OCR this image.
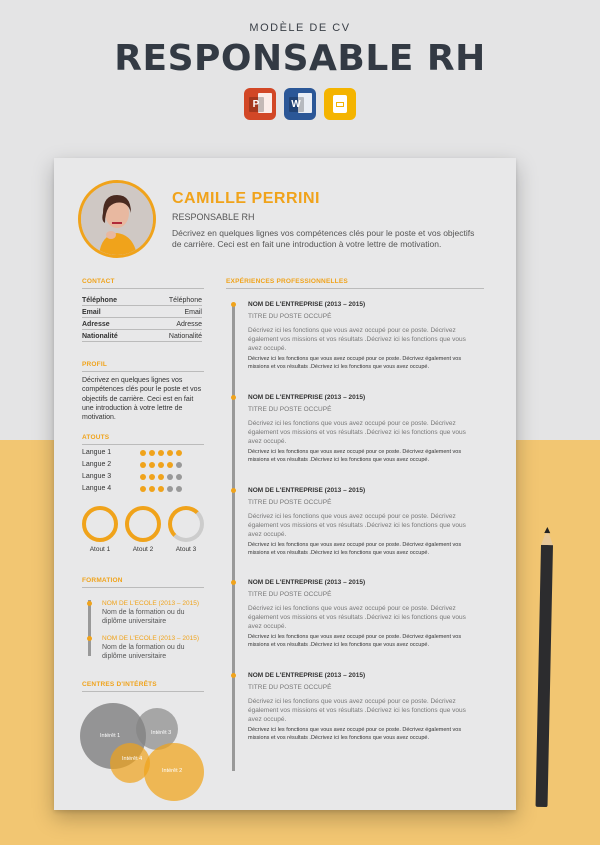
MODÈLE DE CV
RESPONSABLE RH
P	W
CAMILLE PERRINI
RESPONSABLE RH
Décrivez en quelques lignes vos compétences clés pour le poste et vos objectifs de carrière. Ceci est en fait une introduction à votre lettre de motivation.
CONTACT
Téléphone	Téléphone
Email	Email
Adresse	Adresse
Nationalité	Nationalité
PROFIL
Décrivez en quelques lignes vos compétences clés pour le poste et vos objectifs de carrière. Ceci est en fait une introduction à votre lettre de motivation.
ATOUTS
Langue 1
Langue 2
Langue 3
Langue 4
Atout 1	Atout 2	Atout 3
FORMATION
NOM DE L'ECOLE (2013 – 2015)
Nom de la formation ou du diplôme universitaire
NOM DE L'ECOLE (2013 – 2015)
Nom de la formation ou du diplôme universitaire
CENTRES D'INTÉRÊTS
Intérêt 1	Intérêt 3
Intérêt 4
Intérêt 2
EXPÉRIENCES PROFESSIONNELLES
NOM DE L'ENTREPRISE (2013 – 2015)
TITRE DU POSTE OCCUPÉ
Décrivez ici les fonctions que vous avez occupé pour ce poste. Décrivez également vos missions et vos résultats .Décrivez ici les fonctions que vous avez occupé.
Décrivez ici les fonctions que vous avez occupé pour ce poste. Décrivez également vos missions et vos résultats .Décrivez ici les fonctions que vous avez occupé.
NOM DE L'ENTREPRISE (2013 – 2015)
TITRE DU POSTE OCCUPÉ
Décrivez ici les fonctions que vous avez occupé pour ce poste. Décrivez également vos missions et vos résultats .Décrivez ici les fonctions que vous avez occupé.
Décrivez ici les fonctions que vous avez occupé pour ce poste. Décrivez également vos missions et vos résultats .Décrivez ici les fonctions que vous avez occupé.
NOM DE L'ENTREPRISE (2013 – 2015)
TITRE DU POSTE OCCUPÉ
Décrivez ici les fonctions que vous avez occupé pour ce poste. Décrivez également vos missions et vos résultats .Décrivez ici les fonctions que vous avez occupé.
Décrivez ici les fonctions que vous avez occupé pour ce poste. Décrivez également vos missions et vos résultats .Décrivez ici les fonctions que vous avez occupé.
NOM DE L'ENTREPRISE (2013 – 2015)
TITRE DU POSTE OCCUPÉ
Décrivez ici les fonctions que vous avez occupé pour ce poste. Décrivez également vos missions et vos résultats .Décrivez ici les fonctions que vous avez occupé.
Décrivez ici les fonctions que vous avez occupé pour ce poste. Décrivez également vos missions et vos résultats .Décrivez ici les fonctions que vous avez occupé.
NOM DE L'ENTREPRISE (2013 – 2015)
TITRE DU POSTE OCCUPÉ
Décrivez ici les fonctions que vous avez occupé pour ce poste. Décrivez également vos missions et vos résultats .Décrivez ici les fonctions que vous avez occupé.
Décrivez ici les fonctions que vous avez occupé pour ce poste. Décrivez également vos missions et vos résultats .Décrivez ici les fonctions que vous avez occupé.
